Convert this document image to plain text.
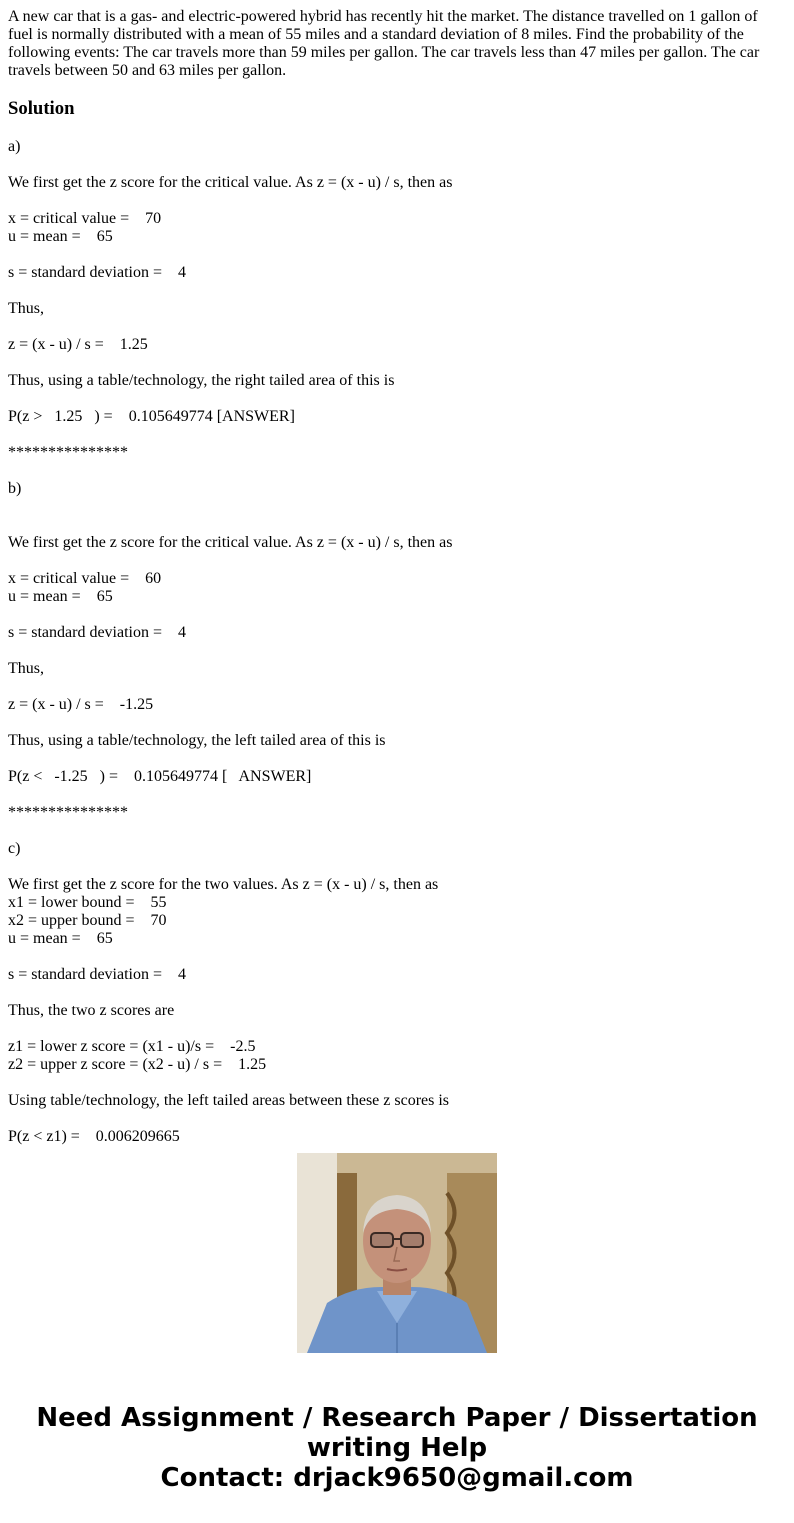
A new car that is a gas- and electric-powered hybrid has recently hit the market. The distance travelled on 1 gallon of fuel is normally distributed with a mean of 55 miles and a standard deviation of 8 miles. Find the probability of the following events: The car travels more than 59 miles per gallon. The car travels less than 47 miles per gallon. The car travels between 50 and 63 miles per gallon.

Solution

a)

We first get the z score for the critical value. As z = (x - u) / s, then as

x = critical value =    70

u = mean =    65

s = standard deviation =    4

Thus,

z = (x - u) / s =    1.25

Thus, using a table/technology, the right tailed area of this is

P(z >   1.25   ) =    0.105649774 [ANSWER]

***************

b)

We first get the z score for the critical value. As z = (x - u) / s, then as

x = critical value =    60

u = mean =    65

s = standard deviation =    4

Thus,

z = (x - u) / s =    -1.25

Thus, using a table/technology, the left tailed area of this is

P(z <   -1.25   ) =    0.105649774 [   ANSWER]

***************

c)

We first get the z score for the two values. As z = (x - u) / s, then as

x1 = lower bound =    55

x2 = upper bound =    70

u = mean =    65

s = standard deviation =    4

Thus, the two z scores are

z1 = lower z score = (x1 - u)/s =    -2.5

z2 = upper z score = (x2 - u) / s =    1.25

Using table/technology, the left tailed areas between these z scores is

P(z < z1) =    0.006209665

Need Assignment / Research Paper / Dissertation
writing Help
Contact: drjack9650@gmail.com
